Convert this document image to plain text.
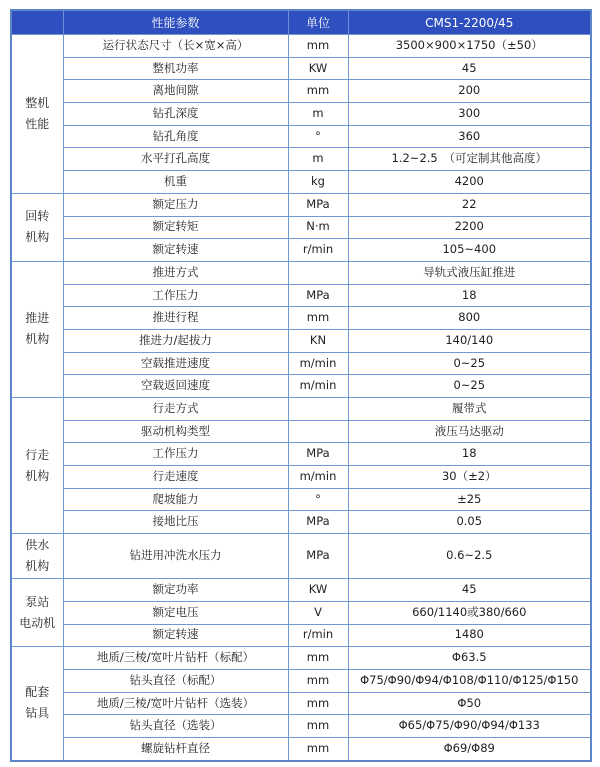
	性能参数	单位	CMS1-2200/45

整机
性能	运行状态尺寸（长×宽×高）	mm	3500×900×1750（±50）
	整机功率	KW	45
	离地间隙	mm	200
	钻孔深度	m	300
	钻孔角度	°	360
	水平打孔高度	m	1.2~2.5　（可定制其他高度）
	机重	kg	4200

回转
机构	额定压力	MPa	22
	额定转矩	N·m	2200
	额定转速	r/min	105~400

推进
机构	推进方式		导轨式液压缸推进
	工作压力	MPa	18
	推进行程	mm	800
	推进力/起拔力	KN	140/140
	空载推进速度	m/min	0~25
	空载返回速度	m/min	0~25

行走
机构	行走方式		履带式
	驱动机构类型		液压马达驱动
	工作压力	MPa	18
	行走速度	m/min	30（±2）
	爬坡能力	°	±25
	接地比压	MPa	0.05

供水
机构	钻进用冲洗水压力	MPa	0.6~2.5

泵站
电动机	额定功率	KW	45
	额定电压	V	660/1140或380/660
	额定转速	r/min	1480

配套
钻具	地质/三棱/宽叶片钻杆（标配）	mm	Φ63.5
	钻头直径（标配）	mm	Φ75/Φ90/Φ94/Φ108/Φ110/Φ125/Φ150
	地质/三棱/宽叶片钻杆（选装）	mm	Φ50
	钻头直径（选装）	mm	Φ65/Φ75/Φ90/Φ94/Φ133
	螺旋钻杆直径	mm	Φ69/Φ89
